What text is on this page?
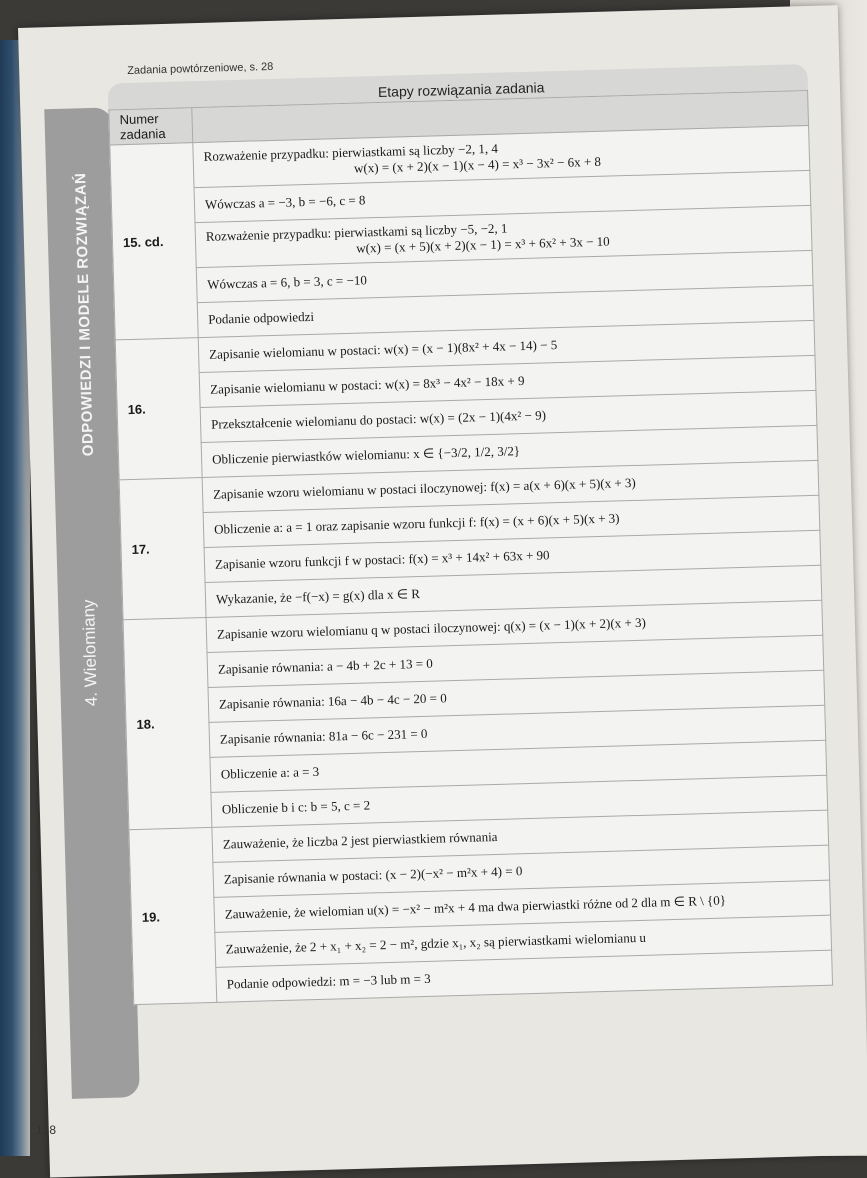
ODPOWIEDZI I MODELE ROZWIĄZAŃ
4. Wielomiany
Zadania powtórzeniowe, s. 28
Etapy rozwiązania zadania
Numer zadania	
15. cd.	Rozważenie przypadku: pierwiastkami są liczby −2, 1, 4
w(x) = (x + 2)(x − 1)(x − 4) = x³ − 3x² − 6x + 8

	Wówczas a = −3, b = −6, c = 8
	Rozważenie przypadku: pierwiastkami są liczby −5, −2, 1
w(x) = (x + 5)(x + 2)(x − 1) = x³ + 6x² + 3x − 10

	Wówczas a = 6, b = 3, c = −10
	Podanie odpowiedzi
16.	Zapisanie wielomianu w postaci: w(x) = (x − 1)(8x² + 4x − 14) − 5
	Zapisanie wielomianu w postaci: w(x) = 8x³ − 4x² − 18x + 9
	Przekształcenie wielomianu do postaci: w(x) = (2x − 1)(4x² − 9)
	Obliczenie pierwiastków wielomianu: x ∈ {−3/2, 1/2, 3/2}
17.	Zapisanie wzoru wielomianu w postaci iloczynowej: f(x) = a(x + 6)(x + 5)(x + 3)
	Obliczenie a: a = 1 oraz zapisanie wzoru funkcji f: f(x) = (x + 6)(x + 5)(x + 3)
	Zapisanie wzoru funkcji f w postaci: f(x) = x³ + 14x² + 63x + 90
	Wykazanie, że −f(−x) = g(x) dla x ∈ R
18.	Zapisanie wzoru wielomianu q w postaci iloczynowej: q(x) = (x − 1)(x + 2)(x + 3)
	Zapisanie równania: a − 4b + 2c + 13 = 0
	Zapisanie równania: 16a − 4b − 4c − 20 = 0
	Zapisanie równania: 81a − 6c − 231 = 0
	Obliczenie a: a = 3
	Obliczenie b i c: b = 5, c = 2
19.	Zauważenie, że liczba 2 jest pierwiastkiem równania
	Zapisanie równania w postaci: (x − 2)(−x² − m²x + 4) = 0
	Zauważenie, że wielomian u(x) = −x² − m²x + 4 ma dwa pierwiastki różne od 2 dla m ∈ R \ {0}
	Zauważenie, że 2 + x₁ + x₂ = 2 − m², gdzie x₁, x₂ są pierwiastkami wielomianu u
	Podanie odpowiedzi: m = −3 lub m = 3
158
